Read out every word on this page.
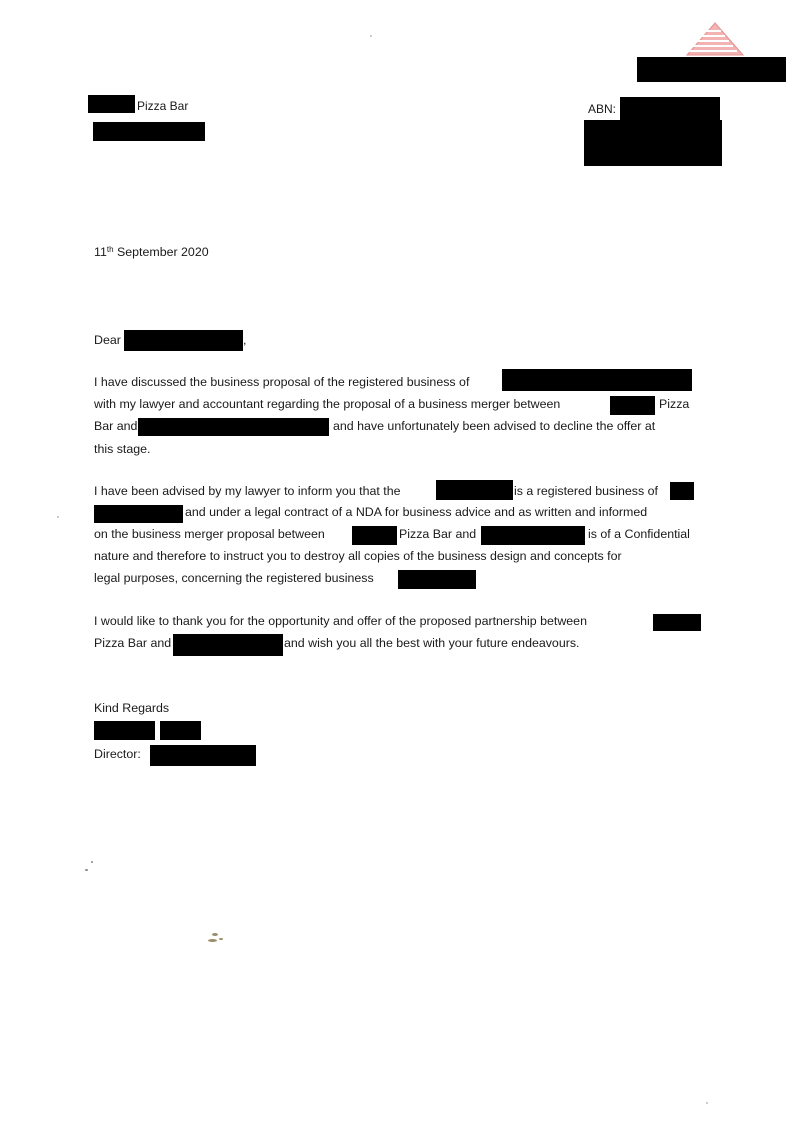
Pizza Bar	ABN:
11th September 2020
Dear	,
I have discussed the business proposal of the registered business of
with my lawyer and accountant regarding the proposal of a business merger between	Pizza
Bar and	and have unfortunately been advised to decline the offer at
this stage.
I have been advised by my lawyer to inform you that the	is a registered business of
and under a legal contract of a NDA for business advice and as written and informed
on the business merger proposal between	Pizza Bar and	is of a Confidential
nature and therefore to instruct you to destroy all copies of the business design and concepts for
legal purposes, concerning the registered business
I would like to thank you for the opportunity and offer of the proposed partnership between
Pizza Bar and	and wish you all the best with your future endeavours.
Kind Regards
Director:
